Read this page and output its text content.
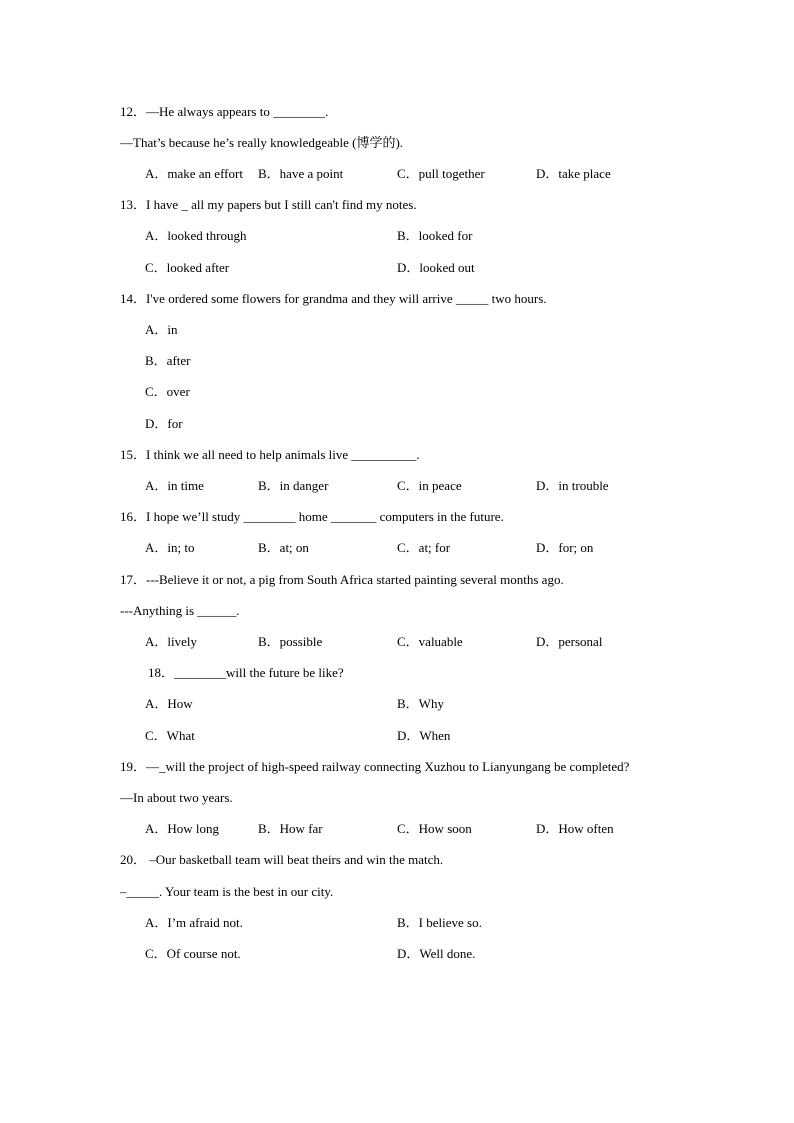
12．—He always appears to ________.
—That’s because he’s really knowledgeable (博学的).
A．make an effort B．have a point	C．pull together	D．take place
13．I have _ all my papers but I still can't find my notes.
A．looked through	B．looked for
C．looked after	D．looked out
14．I've ordered some flowers for grandma and they will arrive _____ two hours.
A．in
B．after
C．over
D．for
15．I think we all need to help animals live __________.
A．in time	B．in danger	C．in peace	D．in trouble
16．I hope we’ll study ________ home _______ computers in the future.
A．in; to	B．at; on	C．at; for	D．for; on
17．---Believe it or not, a pig from South Africa started painting several months ago.
---Anything is ______.
A．lively	B．possible	C．valuable	D．personal
18．________will the future be like?
A．How	B．Why
C．What	D．When
19．—_will the project of high-speed railway connecting Xuzhou to Lianyungang be completed?
—In about two years.
A．How long	B．How far	C．How soon	D．How often
20． –Our basketball team will beat theirs and win the match.
–_____. Your team is the best in our city.
A．I’m afraid not.	B．I believe so.
C．Of course not.	D．Well done.
